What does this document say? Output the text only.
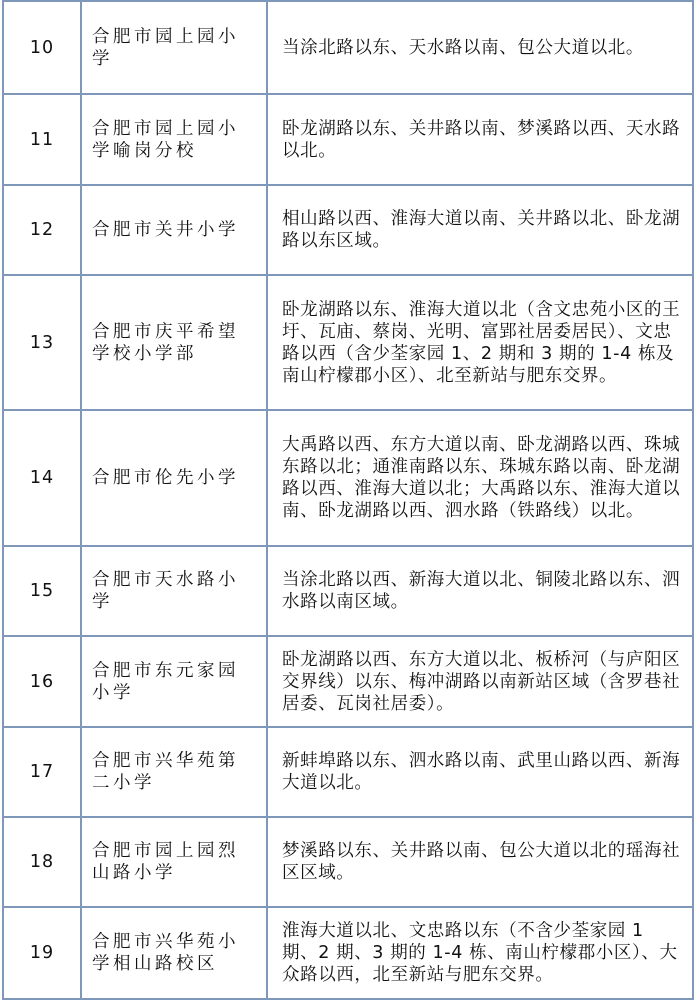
10	合肥市园上园小学	当涂北路以东、天水路以南、包公大道以北。
11	合肥市园上园小学喻岗分校	卧龙湖路以东、关井路以南、梦溪路以西、天水路以北。
12	合肥市关井小学	相山路以西、淮海大道以南、关井路以北、卧龙湖路以东区域。
13	合肥市庆平希望学校小学部	卧龙湖路以东、淮海大道以北（含文忠苑小区的王圩、瓦庙、蔡岗、光明、富郢社居委居民）、文忠路以西（含少荃家园 1、2 期和 3 期的 1-4 栋及南山柠檬郡小区）、北至新站与肥东交界。
14	合肥市伦先小学	大禹路以西、东方大道以南、卧龙湖路以西、珠城东路以北；通淮南路以东、珠城东路以南、卧龙湖路以西、淮海大道以北；大禹路以东、淮海大道以南、卧龙湖路以西、泗水路（铁路线）以北。
15	合肥市天水路小学	当涂北路以西、新海大道以北、铜陵北路以东、泗水路以南区域。
16	合肥市东元家园小学	卧龙湖路以西、东方大道以北、板桥河（与庐阳区交界线）以东、梅冲湖路以南新站区域（含罗巷社居委、瓦岗社居委）。
17	合肥市兴华苑第二小学	新蚌埠路以东、泗水路以南、武里山路以西、新海大道以北。
18	合肥市园上园烈山路小学	梦溪路以东、关井路以南、包公大道以北的瑶海社区区域。
19	合肥市兴华苑小学相山路校区	淮海大道以北、文忠路以东（不含少荃家园 1 期、2 期、3 期的 1-4 栋、南山柠檬郡小区）、大众路以西，北至新站与肥东交界。
